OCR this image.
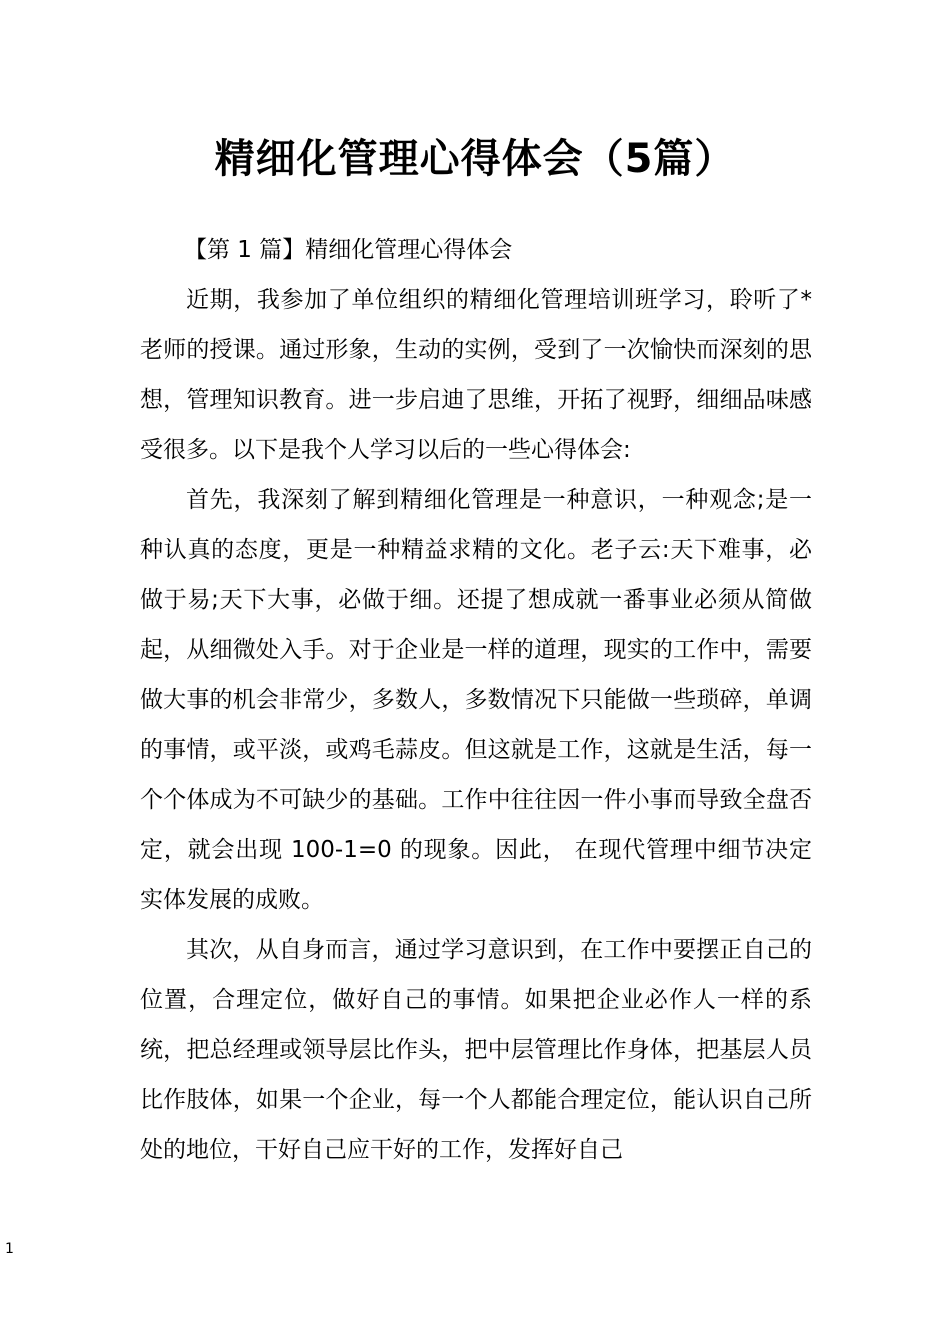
精细化管理心得体会（5篇）

【第 1 篇】精细化管理心得体会

近期，我参加了单位组织的精细化管理培训班学习，聆听了*老师的授课。通过形象，生动的实例，受到了一次愉快而深刻的思想，管理知识教育。进一步启迪了思维，开拓了视野，细细品味感受很多。以下是我个人学习以后的一些心得体会:

首先，我深刻了解到精细化管理是一种意识，一种观念;是一种认真的态度，更是一种精益求精的文化。老子云:天下难事，必做于易;天下大事，必做于细。还提了想成就一番事业必须从简做起，从细微处入手。对于企业是一样的道理，现实的工作中，需要做大事的机会非常少，多数人，多数情况下只能做一些琐碎，单调的事情，或平淡，或鸡毛蒜皮。但这就是工作，这就是生活，每一个个体成为不可缺少的基础。工作中往往因一件小事而导致全盘否定，就会出现 100-1=0 的现象。因此， 在现代管理中细节决定实体发展的成败。

其次，从自身而言，通过学习意识到，在工作中要摆正自己的位置，合理定位，做好自己的事情。如果把企业必作人一样的系统，把总经理或领导层比作头，把中层管理比作身体，把基层人员比作肢体，如果一个企业，每一个人都能合理定位，能认识自己所处的地位，干好自己应干好的工作，发挥好自己

1
